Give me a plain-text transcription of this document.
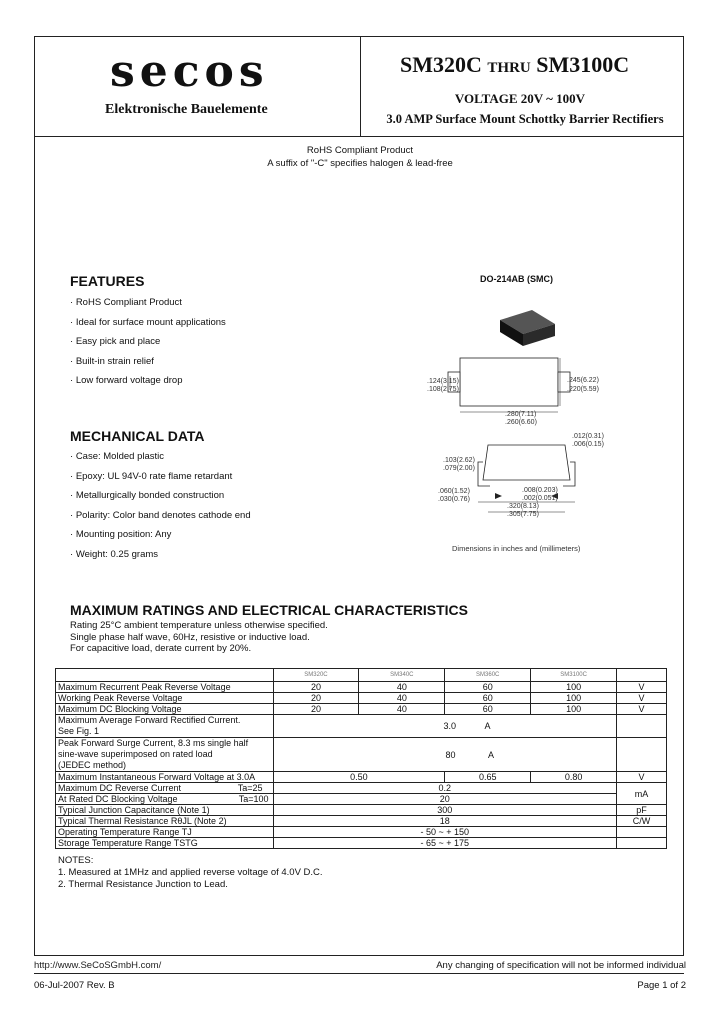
secos
Elektronische Bauelemente
SM320C THRU SM3100C
VOLTAGE 20V ~ 100V
3.0 AMP Surface Mount Schottky Barrier Rectifiers
RoHS Compliant Product
A suffix of "-C" specifies halogen & lead-free
FEATURES
· RoHS Compliant Product
· Ideal for surface mount applications
· Easy pick and place
· Built-in strain relief
· Low forward voltage drop
MECHANICAL DATA
· Case: Molded plastic
· Epoxy: UL 94V-0 rate flame retardant
· Metallurgically bonded construction
· Polarity: Color band denotes cathode end
· Mounting position: Any
· Weight: 0.25 grams
DO-214AB (SMC)
.124(3.15)
.108(2.75)
.245(6.22)
.220(5.59)
.280(7.11)
.260(6.60)
.012(0.31)
.006(0.15)
.103(2.62)
.079(2.00)
.060(1.52)
.030(0.76)
.008(0.203)
.002(0.051)
.320(8.13)
.305(7.75)
Dimensions in inches and (millimeters)
MAXIMUM RATINGS AND ELECTRICAL CHARACTERISTICS
Rating 25°C ambient temperature unless otherwise specified.
Single phase half wave, 60Hz, resistive or inductive load.
For capacitive load, derate current by 20%.
	SM320C	SM340C	SM360C	SM3100C	
Maximum Recurrent Peak Reverse Voltage	20	40	60	100	V
Working Peak Reverse Voltage	20	40	60	100	V
Maximum DC Blocking Voltage	20	40	60	100	V

Maximum Average Forward Rectified Current.
See Fig. 1	3.0 A				

Peak Forward Surge Current, 8.3 ms single half
sine-wave superimposed on rated load
(JEDEC method)	80 A				
Maximum Instantaneous Forward Voltage at 3.0A	0.50		0.65	0.80	V
Maximum DC Reverse Current Ta=25	0.2				mA
At Rated DC Blocking Voltage Ta=100	20				
Typical Junction Capacitance (Note 1)	300				pF
Typical Thermal Resistance RθJL (Note 2)	18				C/W
Operating Temperature Range TJ	- 50 ~ + 150				
Storage Temperature Range TSTG	- 65 ~ + 175				
NOTES:
1. Measured at 1MHz and applied reverse voltage of 4.0V D.C.
2. Thermal Resistance Junction to Lead.
http://www.SeCoSGmbH.com/	Any changing of specification will not be informed individual
06-Jul-2007 Rev. B	Page 1 of 2
